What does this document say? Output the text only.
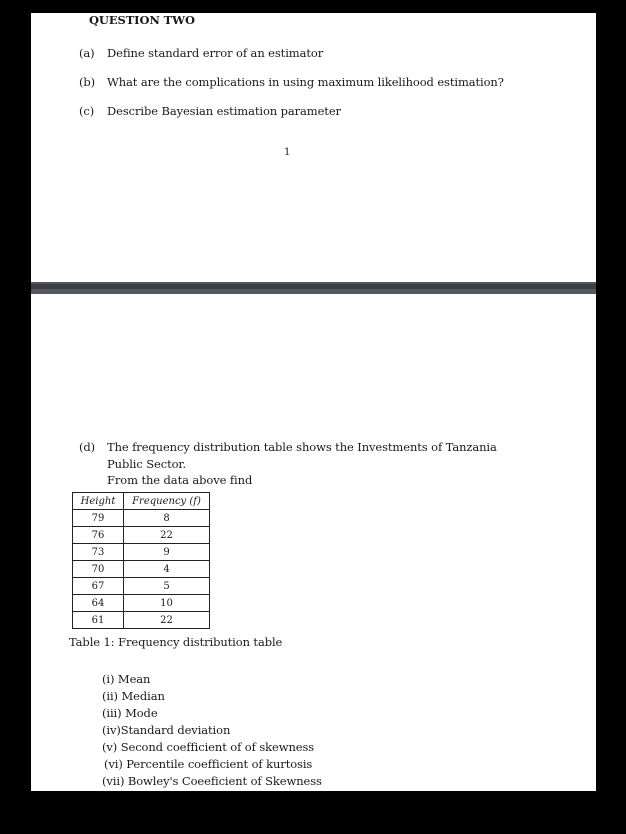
QUESTION TWO
(a) Define standard error of an estimator
(b) What are the complications in using maximum likelihood estimation?
(c) Describe Bayesian estimation parameter
1
(d) The frequency distribution table shows the Investments of Tanzania
Public Sector.
From the data above find
Height	Frequency (f)
79	8
76	22
73	9
70	4
67	5
64	10
61	22
Table 1: Frequency distribution table
(i) Mean
(ii) Median
(iii) Mode
(iv)Standard deviation
(v) Second coefficient of of skewness
(vi) Percentile coefficient of kurtosis
(vii) Bowley's Coeeficient of Skewness
